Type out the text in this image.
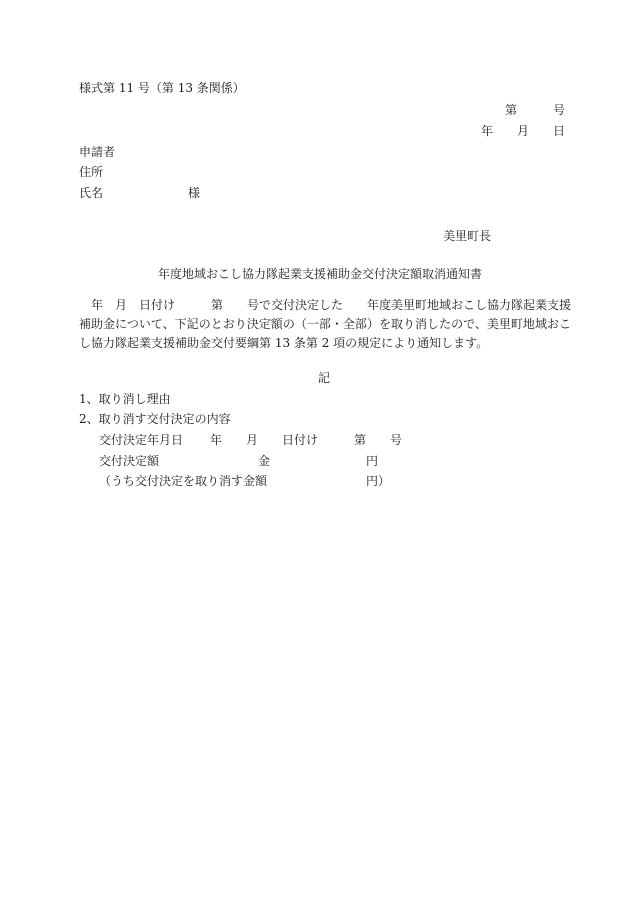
様式第 11 号（第 13 条関係）
第　　　号
年　　月　　日
申請者
住所
氏名	様
美里町長
年度地域おこし協力隊起業支援補助金交付決定額取消通知書
　年　月　日付け　　　第　　号で交付決定した　　年度美里町地域おこし協力隊起業支援補助金について、下記のとおり決定額の（一部・全部）を取り消したので、美里町地域おこし協力隊起業支援補助金交付要綱第 13 条第 2 項の規定により通知します。
記
1、取り消し理由
2、取り消す交付決定の内容
交付決定年月日 年　　月　　日付け　　　第　　号
交付決定額	金	円
（うち交付決定を取り消す金額	円）
